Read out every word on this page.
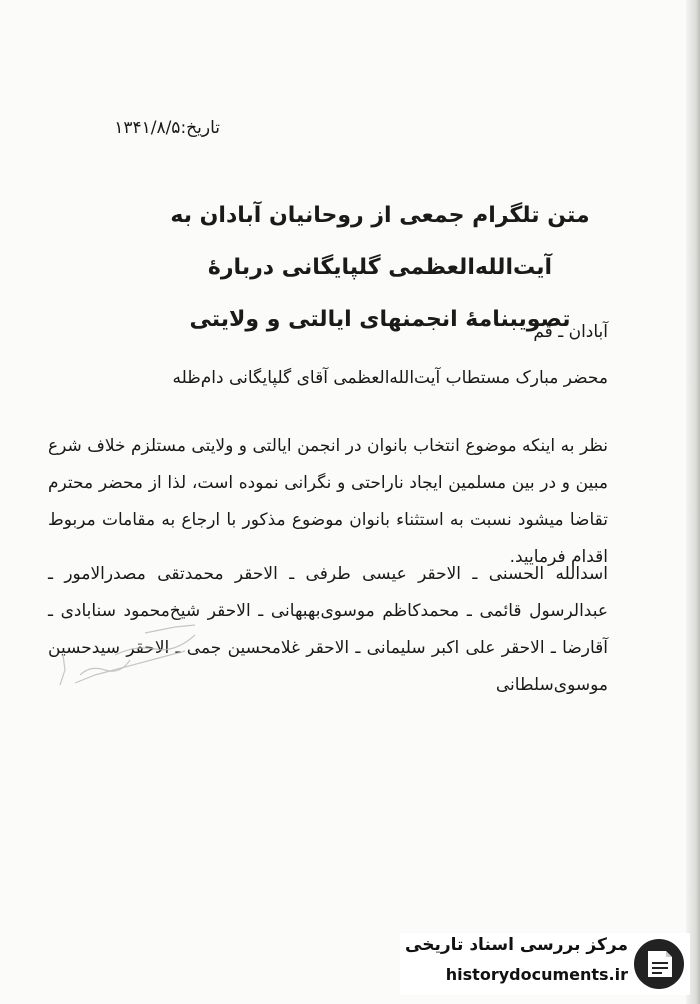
تاریخ:۱۳۴۱/۸/۵
متن تلگرام جمعی از روحانیان آبادان به آیت‌الله‌العظمی گلپایگانی دربارهٔ
تصویبنامهٔ انجمنهای ایالتی و ولایتی
آبادان ـ قم
محضر مبارک مستطاب آیت‌الله‌العظمی آقای گلپایگانی دام‌ظله
نظر به اینکه موضوع انتخاب بانوان در انجمن ایالتی و ولایتی مستلزم خلاف شرع مبین و در بین مسلمین ایجاد ناراحتی و نگرانی نموده است، لذا از محضر محترم تقاضا میشود نسبت به استثناء بانوان موضوع مذکور با ارجاع به مقامات مربوط اقدام فرمایید.
اسدالله الحسنی ـ الاحقر عیسی طرفی ـ الاحقر محمدتقی مصدرالامور ـ عبدالرسول قائمی ـ محمدکاظم موسوی‌بهبهانی ـ الاحقر شیخ‌محمود سنابادی ـ آقارضا ـ الاحقر علی اکبر سلیمانی ـ الاحقر غلامحسین جمی ـ الاحقر سیدحسین موسوی‌سلطانی
مرکز بررسی اسناد تاریخی
historydocuments.ir
